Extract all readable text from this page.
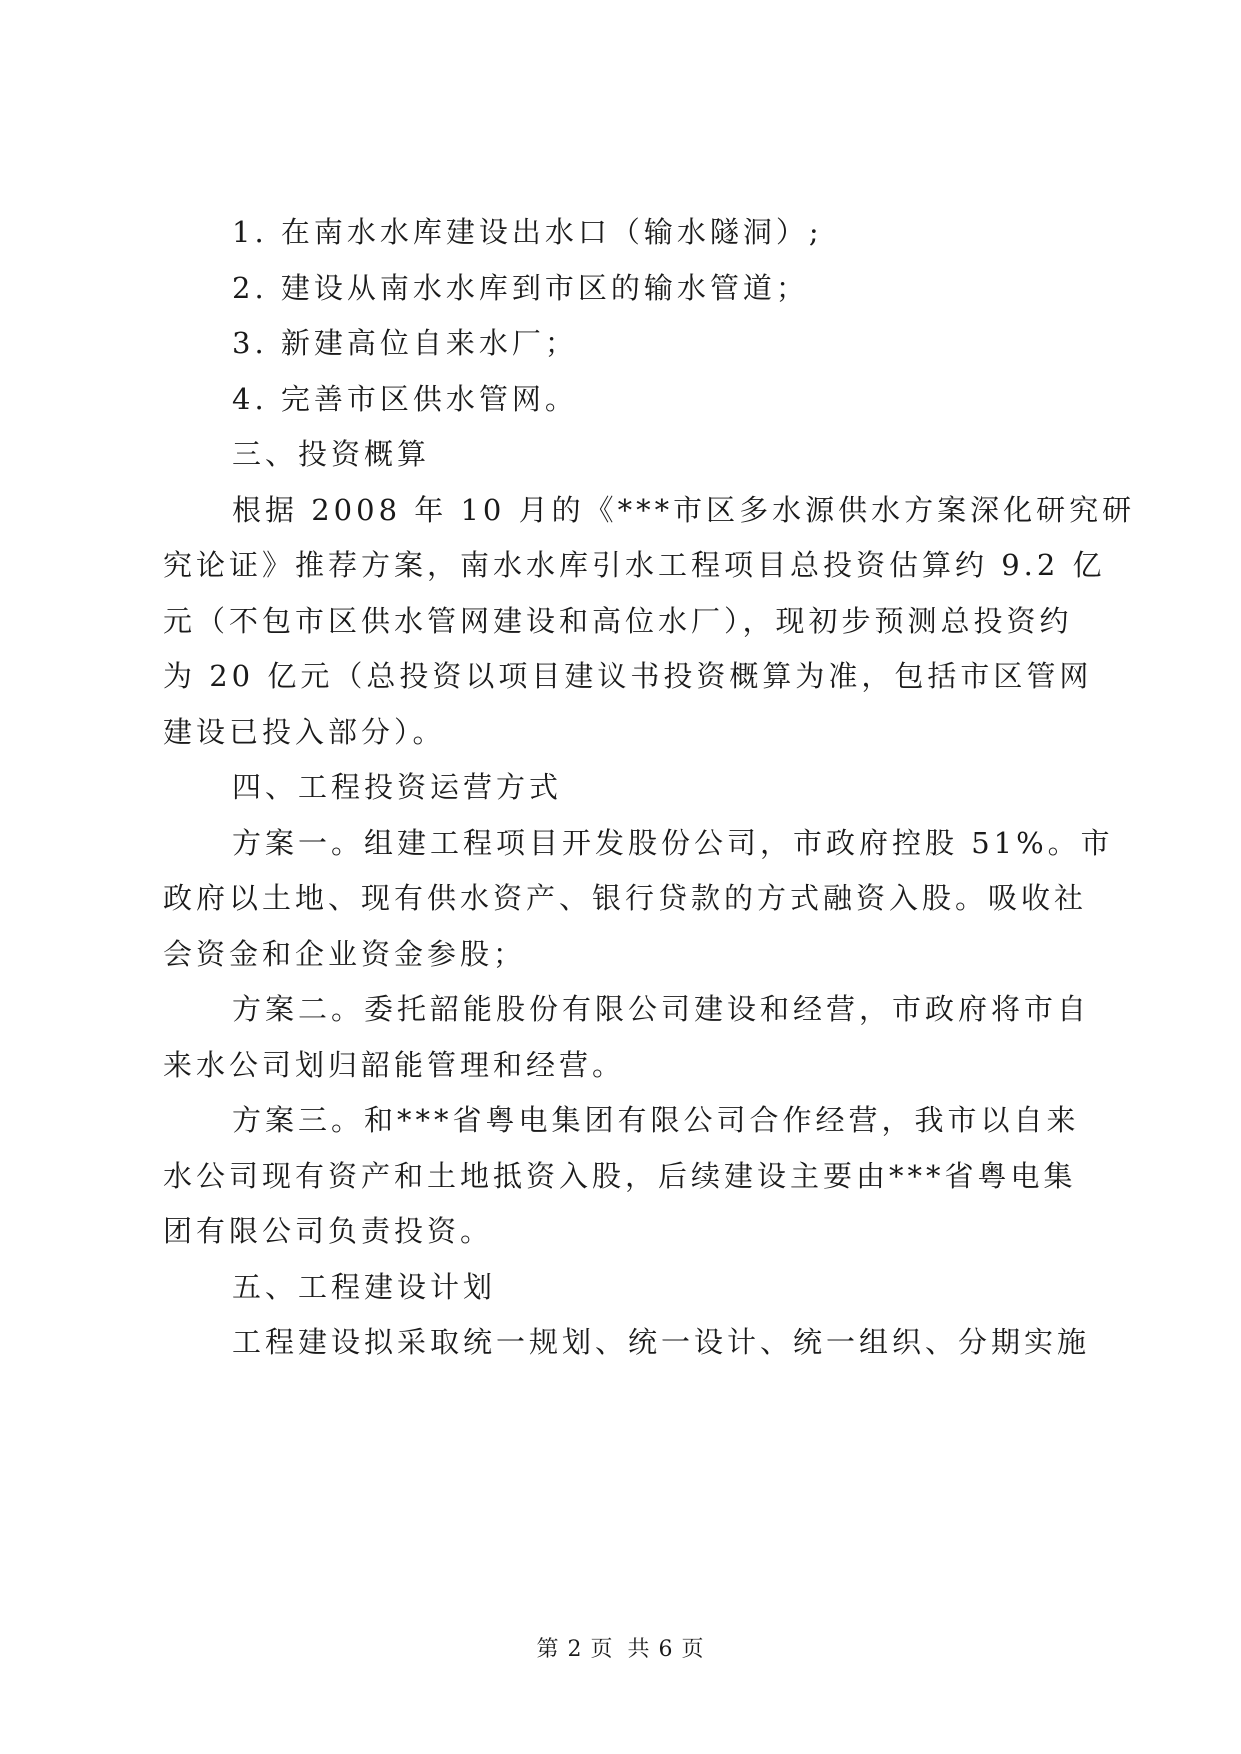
1. 在南水水库建设出水口（输水隧洞）;
2. 建设从南水水库到市区的输水管道；
3. 新建高位自来水厂；
4. 完善市区供水管网。
三、投资概算
根据 2008 年 10 月的《***市区多水源供水方案深化研究研
究论证》推荐方案，南水水库引水工程项目总投资估算约 9.2 亿
元（不包市区供水管网建设和高位水厂），现初步预测总投资约
为 20 亿元（总投资以项目建议书投资概算为准，包括市区管网
建设已投入部分）。
四、工程投资运营方式
方案一。组建工程项目开发股份公司，市政府控股 51%。市
政府以土地、现有供水资产、银行贷款的方式融资入股。吸收社
会资金和企业资金参股；
方案二。委托韶能股份有限公司建设和经营，市政府将市自
来水公司划归韶能管理和经营。
方案三。和***省粤电集团有限公司合作经营，我市以自来
水公司现有资产和土地抵资入股，后续建设主要由***省粤电集
团有限公司负责投资。
五、工程建设计划
工程建设拟采取统一规划、统一设计、统一组织、分期实施
第 2 页 共 6 页
